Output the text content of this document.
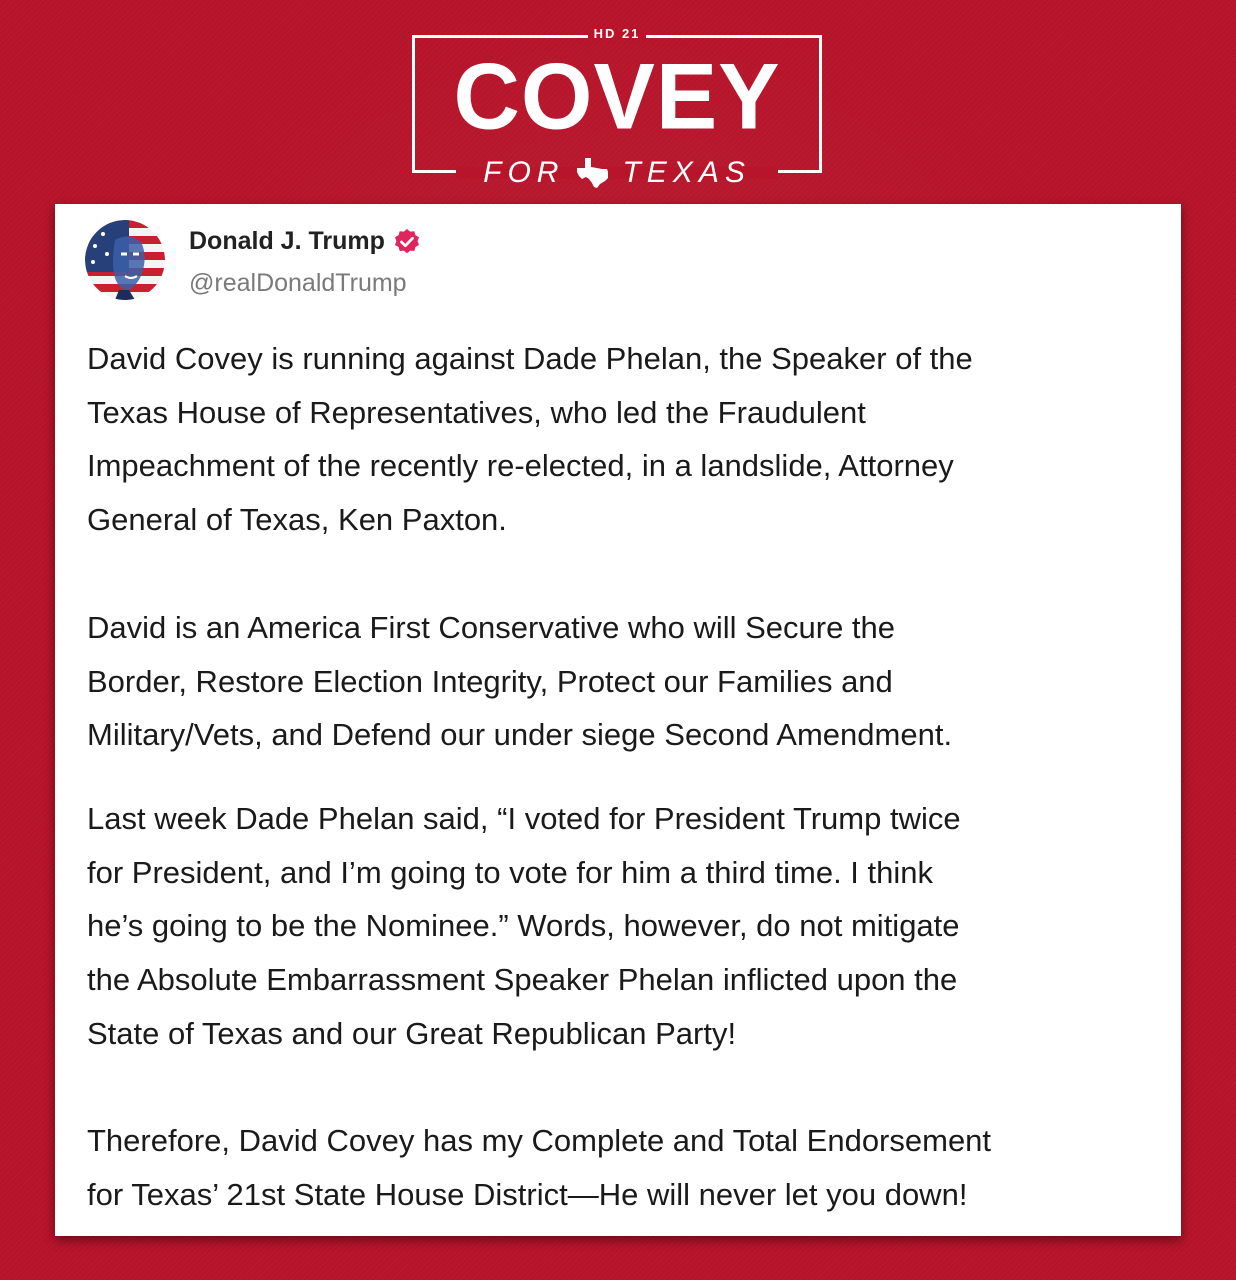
HD 21
COVEY
FOR TEXAS
Donald J. Trump
@realDonaldTrump

David Covey is running against Dade Phelan, the Speaker of the
Texas House of Representatives, who led the Fraudulent
Impeachment of the recently re-elected, in a landslide, Attorney
General of Texas, Ken Paxton.

David is an America First Conservative who will Secure the
Border, Restore Election Integrity, Protect our Families and
Military/Vets, and Defend our under siege Second Amendment.

Last week Dade Phelan said, “I voted for President Trump twice
for President, and I’m going to vote for him a third time. I think
he’s going to be the Nominee.” Words, however, do not mitigate
the Absolute Embarrassment Speaker Phelan inflicted upon the
State of Texas and our Great Republican Party!

Therefore, David Covey has my Complete and Total Endorsement
for Texas’ 21st State House District—He will never let you down!
